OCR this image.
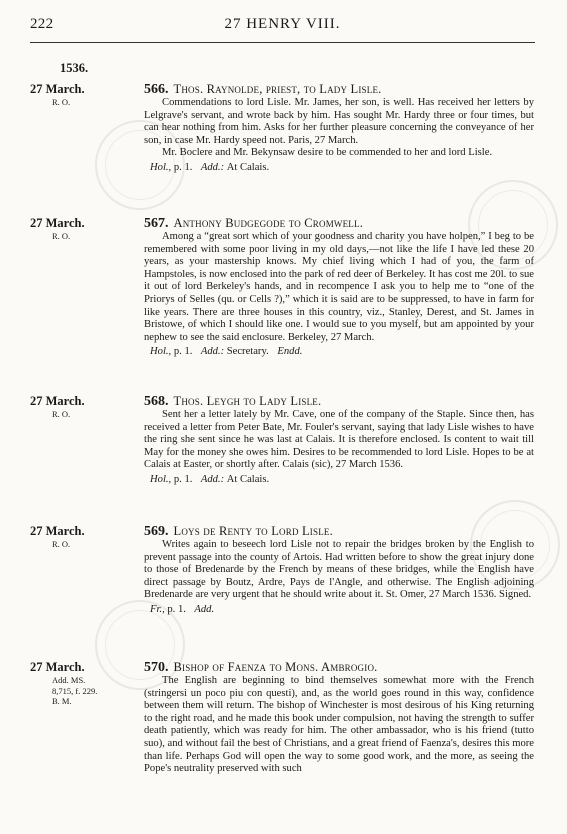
222	27 HENRY VIII.
1536.
27 March.
R. O.
566. Thos. Raynolde, priest, to Lady Lisle.

Commendations to lord Lisle. Mr. James, her son, is well. Has received her letters by Lelgrave's servant, and wrote back by him. Has sought Mr. Hardy three or four times, but can hear nothing from him. Asks for her further pleasure concerning the conveyance of her son, in case Mr. Hardy speed not. Paris, 27 March.

Mr. Boclere and Mr. Bekynsaw desire to be commended to her and lord Lisle.

Hol., p. 1. Add.: At Calais.
27 March.
R. O.
567. Anthony Budgegode to Cromwell.

Among a “great sort which of your goodness and charity you have holpen,” I beg to be remembered with some poor living in my old days,—not like the life I have led these 20 years, as your mastership knows. My chief living which I had of you, the farm of Hampstoles, is now enclosed into the park of red deer of Berkeley. It has cost me 20l. to sue it out of lord Berkeley's hands, and in recompence I ask you to help me to “one of the Priorys of Selles (qu. or Cells ?),” which it is said are to be suppressed, to have in farm for like years. There are three houses in this country, viz., Stanley, Derest, and St. James in Bristowe, of which I should like one. I would sue to you myself, but am appointed by your nephew to see the said enclosure. Berkeley, 27 March.

Hol., p. 1. Add.: Secretary. Endd.
27 March.
R. O.
568. Thos. Leygh to Lady Lisle.

Sent her a letter lately by Mr. Cave, one of the company of the Staple. Since then, has received a letter from Peter Bate, Mr. Fouler's servant, saying that lady Lisle wishes to have the ring she sent since he was last at Calais. It is therefore enclosed. Is content to wait till May for the money she owes him. Desires to be recommended to lord Lisle. Hopes to be at Calais at Easter, or shortly after. Calais (sic), 27 March 1536.

Hol., p. 1. Add.: At Calais.
27 March.
R. O.
569. Loys de Renty to Lord Lisle.

Writes again to beseech lord Lisle not to repair the bridges broken by the English to prevent passage into the county of Artois. Had written before to show the great injury done to those of Bredenarde by the French by means of these bridges, while the English have direct passage by Boutz, Ardre, Pays de l'Angle, and otherwise. The English adjoining Bredenarde are very urgent that he should write about it. St. Omer, 27 March 1536. Signed.

Fr., p. 1. Add.
27 March.
Add. MS.
8,715, f. 229.
B. M.
570. Bishop of Faenza to Mons. Ambrogio.

The English are beginning to bind themselves somewhat more with the French (stringersi un poco piu con questi), and, as the world goes round in this way, confidence between them will return. The bishop of Winchester is most desirous of his King returning to the right road, and he made this book under compulsion, not having the strength to suffer death patiently, which was ready for him. The other ambassador, who is his friend (tutto suo), and without fail the best of Christians, and a great friend of Faenza's, desires this more than life. Perhaps God will open the way to some good work, and the more, as seeing the Pope's neutrality preserved with such
